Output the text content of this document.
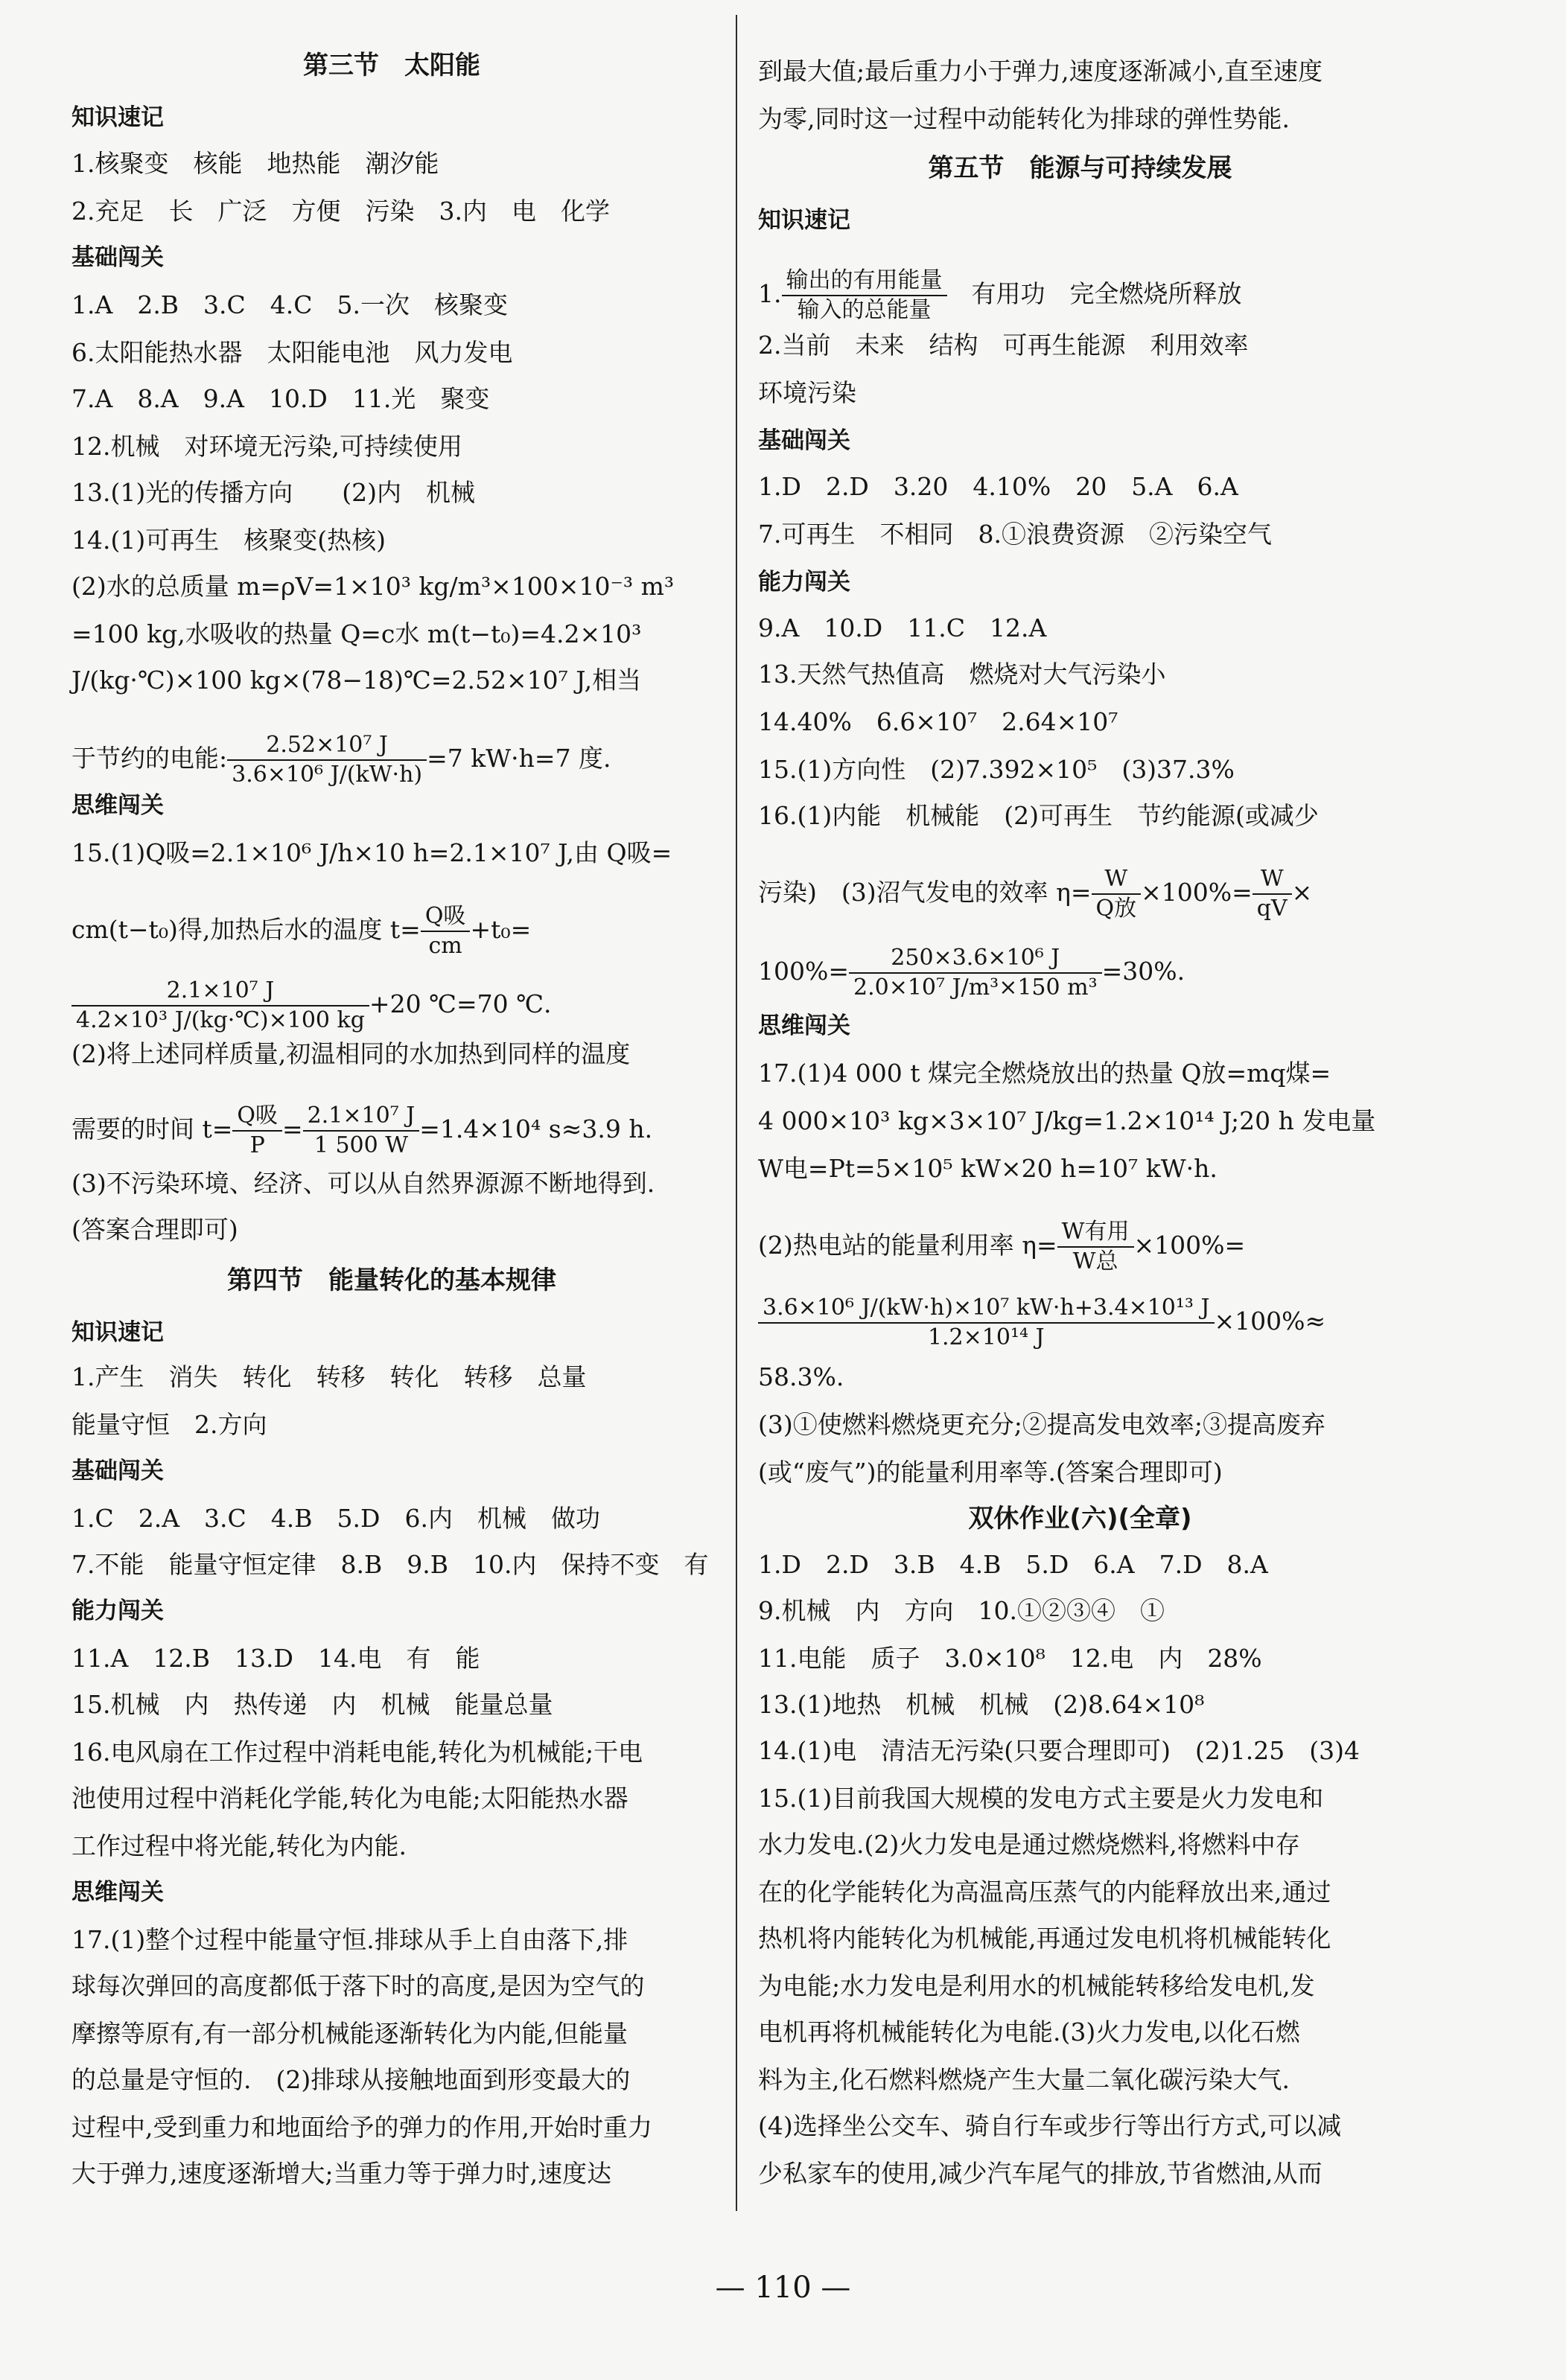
第三节　太阳能
知识速记
1.核聚变　核能　地热能　潮汐能
2.充足　长　广泛　方便　污染　3.内　电　化学
基础闯关
1.A　2.B　3.C　4.C　5.一次　核聚变
6.太阳能热水器　太阳能电池　风力发电
7.A　8.A　9.A　10.D　11.光　聚变
12.机械　对环境无污染,可持续使用
13.(1)光的传播方向　　(2)内　机械
14.(1)可再生　核聚变(热核)
(2)水的总质量 m=ρV=1×10³ kg/m³×100×10⁻³ m³
=100 kg,水吸收的热量 Q=c水 m(t−t₀)=4.2×10³
J/(kg·℃)×100 kg×(78−18)℃=2.52×10⁷ J,相当
于节约的电能: $\frac{\text{2.52×10⁷ J}}{\text{3.6×10⁶ J/(kW·h)}} =7$ kW·h=7 度.
思维闯关
15.(1)Q吸=2.1×10⁶ J/h×10 h=2.1×10⁷ J,由 Q吸=
cm(t−t₀)得,加热后水的温度 $t= \frac{\text{Q吸}}{cm} +t_0=$
$\frac{\text{2.1×10⁷ J}}{\text{4.2×10³ J/(kg·℃)×100 kg}} +20$ ℃=70 ℃.
(2)将上述同样质量,初温相同的水加热到同样的温度
需要的时间 $t= \frac{\text{Q吸}}{P} = \frac{\text{2.1×10⁷ J}}{1 500 W} =1.4\times 10^4$ s≈3.9 h.
(3)不污染环境、经济、可以从自然界源源不断地得到.
(答案合理即可)
第四节　能量转化的基本规律
知识速记
1.产生　消失　转化　转移　转化　转移　总量
能量守恒　2.方向
基础闯关
1.C　2.A　3.C　4.B　5.D　6.内　机械　做功
7.不能　能量守恒定律　8.B　9.B　10.内　保持不变　有
能力闯关
11.A　12.B　13.D　14.电　有　能
15.机械　内　热传递　内　机械　能量总量
16.电风扇在工作过程中消耗电能,转化为机械能;干电
池使用过程中消耗化学能,转化为电能;太阳能热水器
工作过程中将光能,转化为内能.
思维闯关
17.(1)整个过程中能量守恒.排球从手上自由落下,排
球每次弹回的高度都低于落下时的高度,是因为空气的
摩擦等原有,有一部分机械能逐渐转化为内能,但能量
的总量是守恒的.　(2)排球从接触地面到形变最大的
过程中,受到重力和地面给予的弹力的作用,开始时重力
大于弹力,速度逐渐增大;当重力等于弹力时,速度达
到最大值;最后重力小于弹力,速度逐渐减小,直至速度
为零,同时这一过程中动能转化为排球的弹性势能.
第五节　能源与可持续发展
知识速记
1. $\frac{\text{输出的有用能量}}{\text{输入的总能量}}$ 　有用功　完全燃烧所释放
2.当前　未来　结构　可再生能源　利用效率
环境污染
基础闯关
1.D　2.D　3.20　4.10%　20　5.A　6.A
7.可再生　不相同　8.①浪费资源　②污染空气
能力闯关
9.A　10.D　11.C　12.A
13.天然气热值高　燃烧对大气污染小
14.40%　6.6×10⁷　2.64×10⁷
15.(1)方向性　(2)7.392×10⁵　(3)37.3%
16.(1)内能　机械能　(2)可再生　节约能源(或减少
污染)　(3)沼气发电的效率 $\eta= \frac{W}{\text{Q放}} \times 100\%= \frac{W}{qV}$ ×
$100\%= \frac{\text{250×3.6×10⁶ J}}{\text{2.0×10⁷ J/m³×150 m³}} =30\%$.
思维闯关
17.(1)4 000 t 煤完全燃烧放出的热量 Q放=mq煤=
4 000×10³ kg×3×10⁷ J/kg=1.2×10¹⁴ J;20 h 发电量
W电=Pt=5×10⁵ kW×20 h=10⁷ kW·h.
(2)热电站的能量利用率 $\eta= \frac{\text{W有用}}{\text{W总}} \times 100\%=$
$\frac{\text{3.6×10⁶ J/(kW·h)×10⁷ kW·h+3.4×10¹³ J}}{\text{1.2×10¹⁴ J}} \times 100\%\approx$
58.3%.
(3)①使燃料燃烧更充分;②提高发电效率;③提高废弃
(或“废气”)的能量利用率等.(答案合理即可)
双休作业(六)(全章)
1.D　2.D　3.B　4.B　5.D　6.A　7.D　8.A
9.机械　内　方向　10.①②③④　①
11.电能　质子　3.0×10⁸　12.电　内　28%
13.(1)地热　机械　机械　(2)8.64×10⁸
14.(1)电　清洁无污染(只要合理即可)　(2)1.25　(3)4
15.(1)目前我国大规模的发电方式主要是火力发电和
水力发电.(2)火力发电是通过燃烧燃料,将燃料中存
在的化学能转化为高温高压蒸气的内能释放出来,通过
热机将内能转化为机械能,再通过发电机将机械能转化
为电能;水力发电是利用水的机械能转移给发电机,发
电机再将机械能转化为电能.(3)火力发电,以化石燃
料为主,化石燃料燃烧产生大量二氧化碳污染大气.
(4)选择坐公交车、骑自行车或步行等出行方式,可以减
少私家车的使用,减少汽车尾气的排放,节省燃油,从而
— 110 —
